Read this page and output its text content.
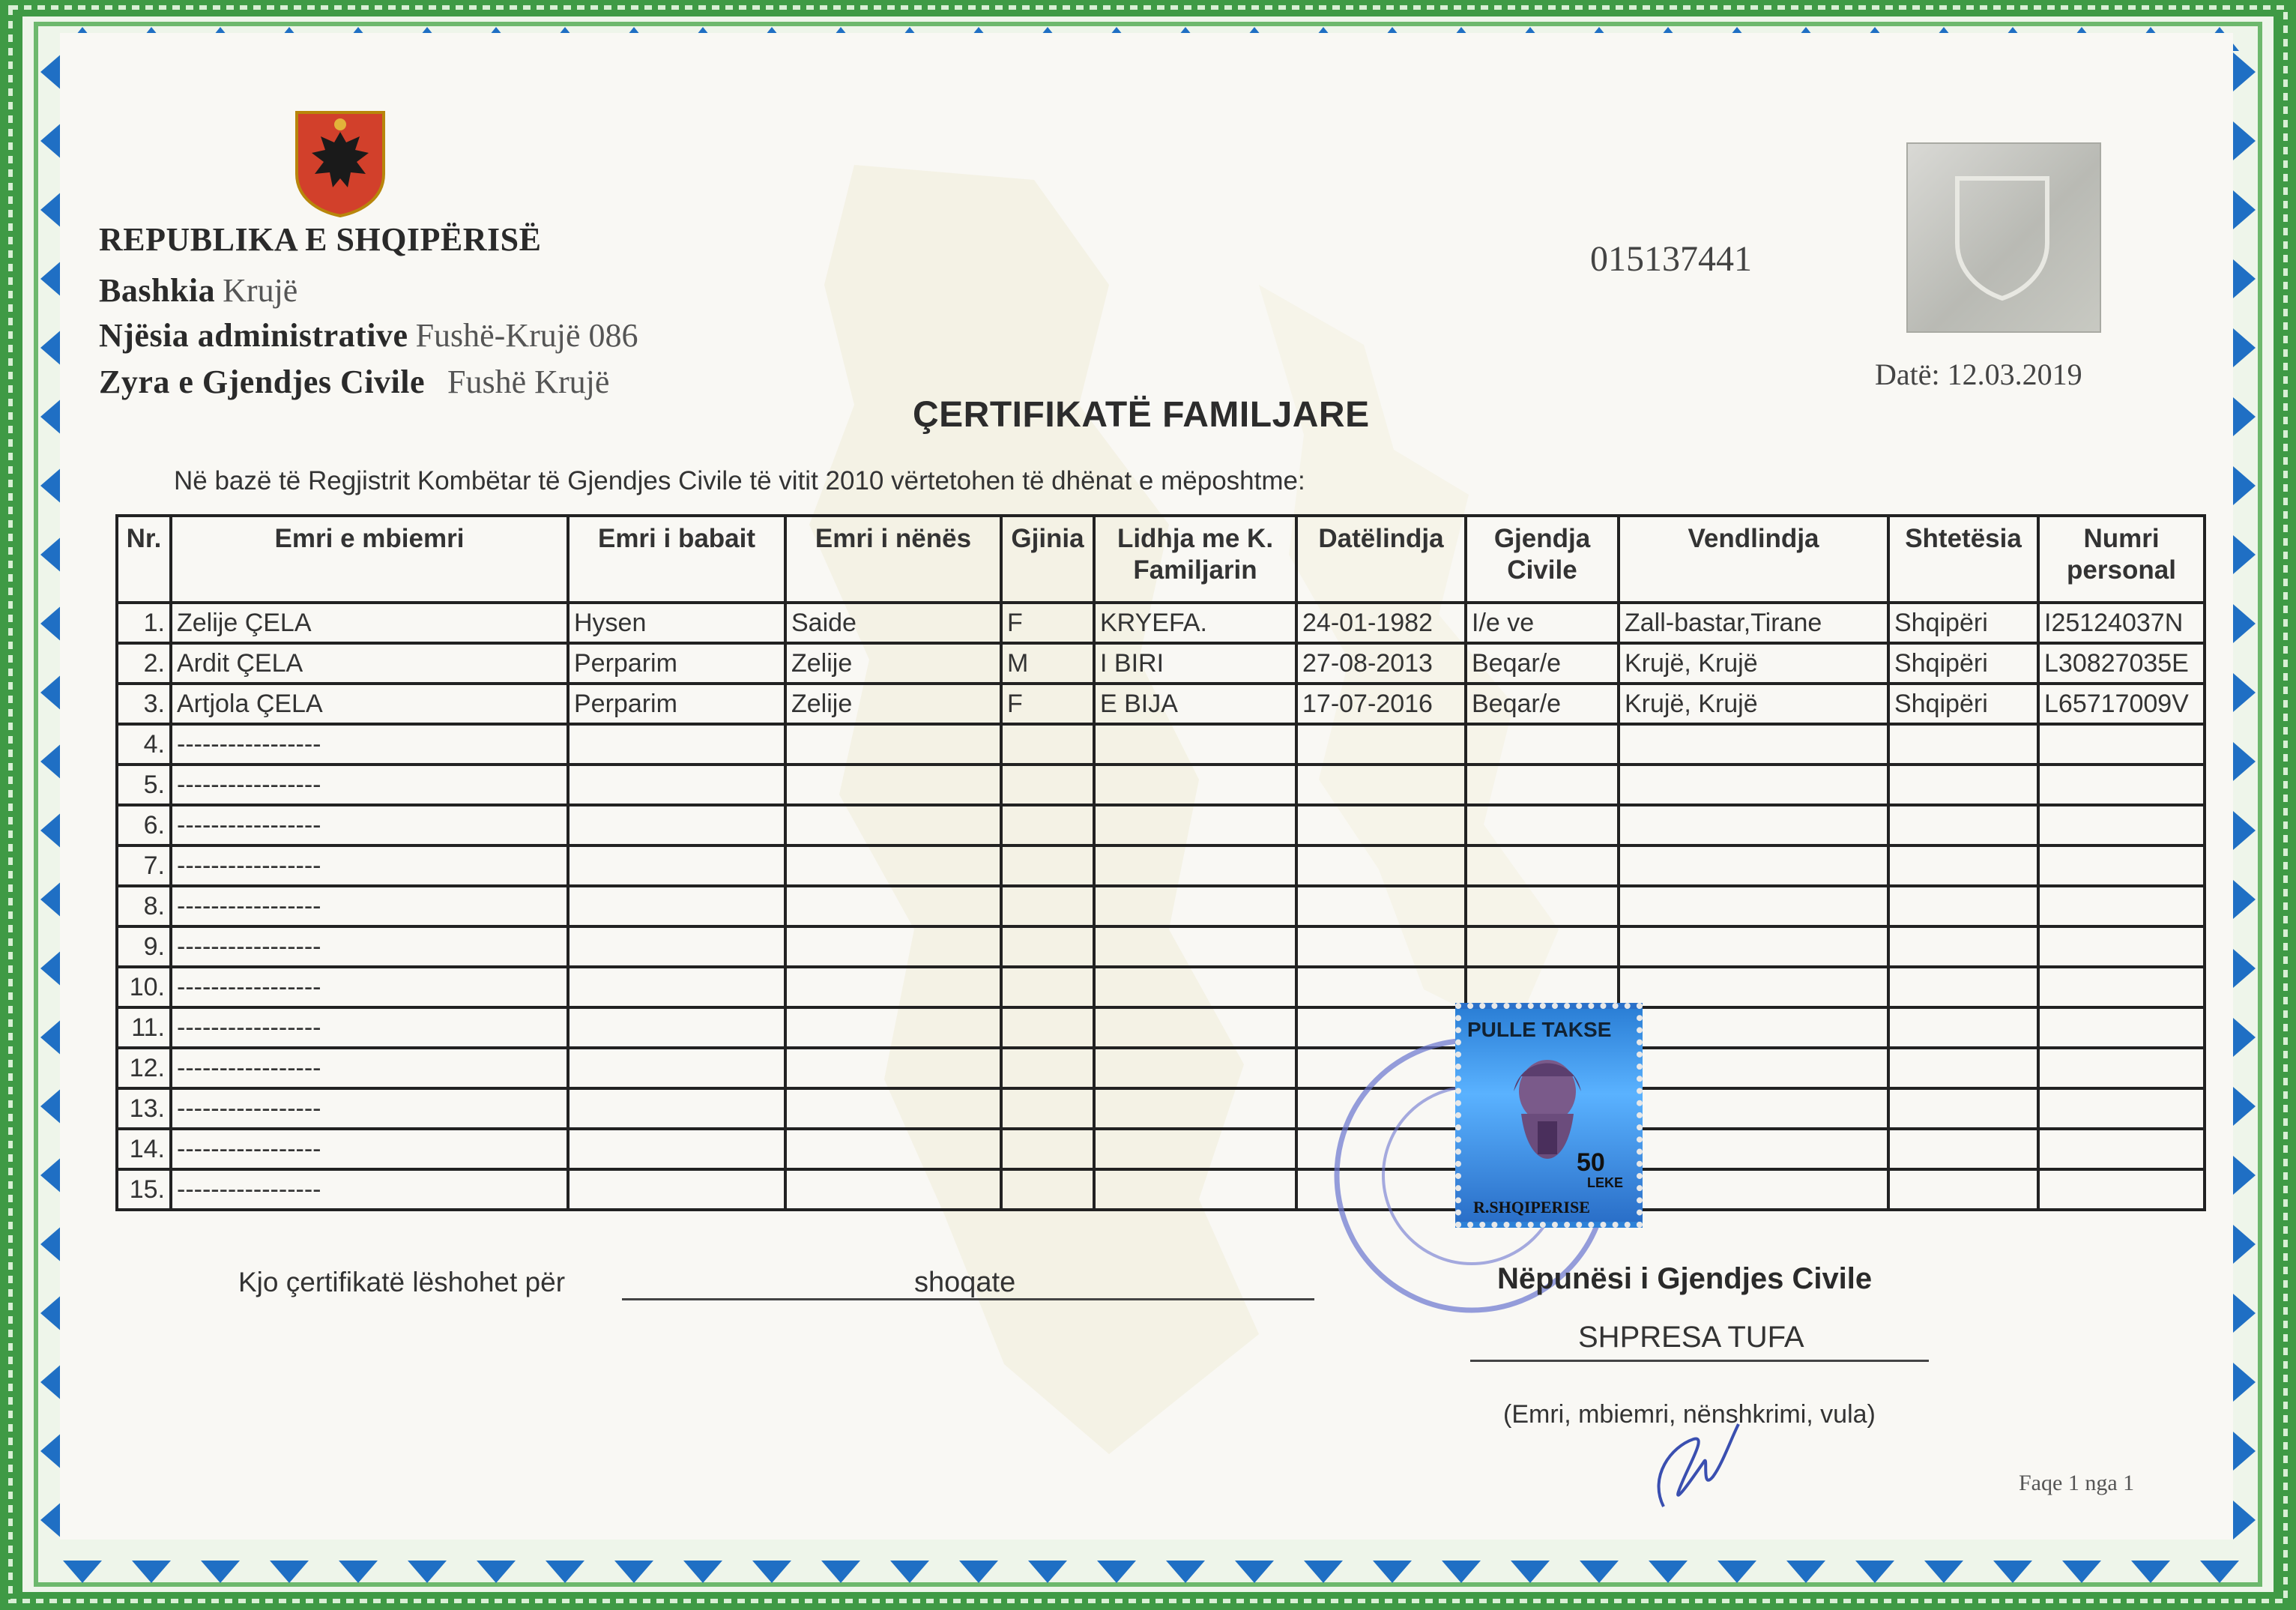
REPUBLIKA E SHQIPËRISË
Bashkia Krujë
Njësia administrative Fushë-Krujë 086
Zyra e Gjendjes Civile Fushë Krujë
015137441
Datë: 12.03.2019
ÇERTIFIKATË FAMILJARE
Në bazë të Regjistrit Kombëtar të Gjendjes Civile të vitit 2010 vërtetohen të dhënat e mëposhtme:
Nr.	Emri e mbiemri	Emri i babait	Emri i nënës	Gjinia	Lidhja me K. Familjarin	Datëlindja	Gjendja Civile	Vendlindja	Shtetësia	Numri personal
1.	Zelije ÇELA	Hysen	Saide	F	KRYEFA.	24-01-1982	I/e ve	Zall-bastar,Tirane	Shqipëri	I25124037N
2.	Ardit ÇELA	Perparim	Zelije	M	I BIRI	27-08-2013	Beqar/e	Krujë, Krujë	Shqipëri	L30827035E
3.	Artjola ÇELA	Perparim	Zelije	F	E BIJA	17-07-2016	Beqar/e	Krujë, Krujë	Shqipëri	L65717009V
4.	-----------------									
5.	-----------------									
6.	-----------------									
7.	-----------------									
8.	-----------------									
9.	-----------------									
10.	-----------------									
11.	-----------------									
12.	-----------------									
13.	-----------------									
14.	-----------------									
15.	-----------------									
Kjo çertifikatë lëshohet për	shoqate
PULLE TAKSE
50
LEKE
R.SHQIPERISE
Nëpunësi i Gjendjes Civile
SHPRESA TUFA
(Emri, mbiemri, nënshkrimi, vula)
Faqe 1 nga 1
